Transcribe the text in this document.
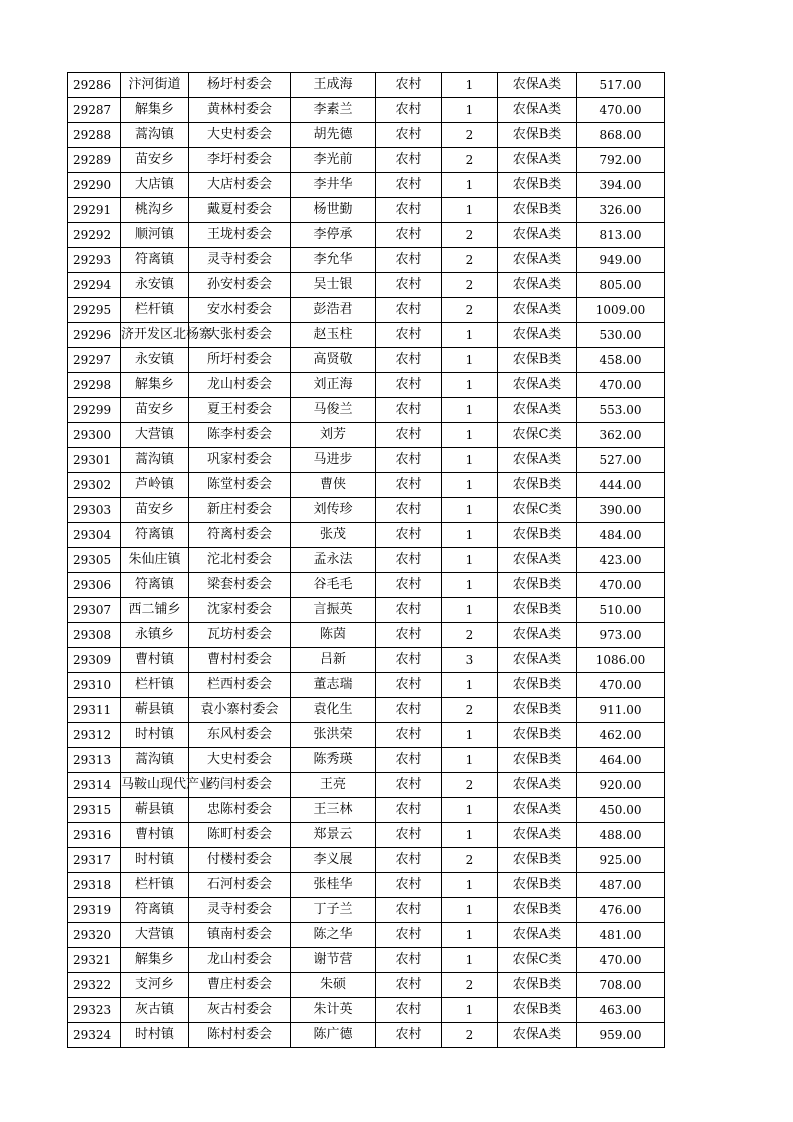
29286	汴河街道	杨圩村委会	王成海	农村	1	农保A类	517.00
29287	解集乡	黄林村委会	李素兰	农村	1	农保A类	470.00
29288	蒿沟镇	大史村委会	胡先德	农村	2	农保B类	868.00
29289	苗安乡	李圩村委会	李光前	农村	2	农保A类	792.00
29290	大店镇	大店村委会	李井华	农村	1	农保B类	394.00
29291	桃沟乡	戴夏村委会	杨世勤	农村	1	农保B类	326.00
29292	顺河镇	王垅村委会	李停承	农村	2	农保A类	813.00
29293	符离镇	灵寺村委会	李允华	农村	2	农保A类	949.00
29294	永安镇	孙安村委会	吴士银	农村	2	农保A类	805.00
29295	栏杆镇	安水村委会	彭浩君	农村	2	农保A类	1009.00
29296	济开发区北杨寨	大张村委会	赵玉柱	农村	1	农保A类	530.00
29297	永安镇	所圩村委会	高贤敬	农村	1	农保B类	458.00
29298	解集乡	龙山村委会	刘正海	农村	1	农保A类	470.00
29299	苗安乡	夏王村委会	马俊兰	农村	1	农保A类	553.00
29300	大营镇	陈李村委会	刘芳	农村	1	农保C类	362.00
29301	蒿沟镇	巩家村委会	马进步	农村	1	农保A类	527.00
29302	芦岭镇	陈堂村委会	曹侠	农村	1	农保B类	444.00
29303	苗安乡	新庄村委会	刘传珍	农村	1	农保C类	390.00
29304	符离镇	符离村委会	张茂	农村	1	农保B类	484.00
29305	朱仙庄镇	沱北村委会	孟永法	农村	1	农保A类	423.00
29306	符离镇	梁套村委会	谷毛毛	农村	1	农保B类	470.00
29307	西二铺乡	沈家村委会	言振英	农村	1	农保B类	510.00
29308	永镇乡	瓦坊村委会	陈茵	农村	2	农保A类	973.00
29309	曹村镇	曹村村委会	吕新	农村	3	农保A类	1086.00
29310	栏杆镇	栏西村委会	董志瑞	农村	1	农保B类	470.00
29311	蕲县镇	袁小寨村委会	袁化生	农村	2	农保B类	911.00
29312	时村镇	东风村委会	张洪荣	农村	1	农保B类	462.00
29313	蒿沟镇	大史村委会	陈秀瑛	农村	1	农保B类	464.00
29314	马鞍山现代产业	药闫村委会	王亮	农村	2	农保A类	920.00
29315	蕲县镇	忠陈村委会	王三林	农村	1	农保A类	450.00
29316	曹村镇	陈町村委会	郑景云	农村	1	农保A类	488.00
29317	时村镇	付楼村委会	李义展	农村	2	农保B类	925.00
29318	栏杆镇	石河村委会	张桂华	农村	1	农保B类	487.00
29319	符离镇	灵寺村委会	丁子兰	农村	1	农保B类	476.00
29320	大营镇	镇南村委会	陈之华	农村	1	农保A类	481.00
29321	解集乡	龙山村委会	谢节营	农村	1	农保C类	470.00
29322	支河乡	曹庄村委会	朱硕	农村	2	农保B类	708.00
29323	灰古镇	灰古村委会	朱计英	农村	1	农保B类	463.00
29324	时村镇	陈村村委会	陈广德	农村	2	农保A类	959.00
